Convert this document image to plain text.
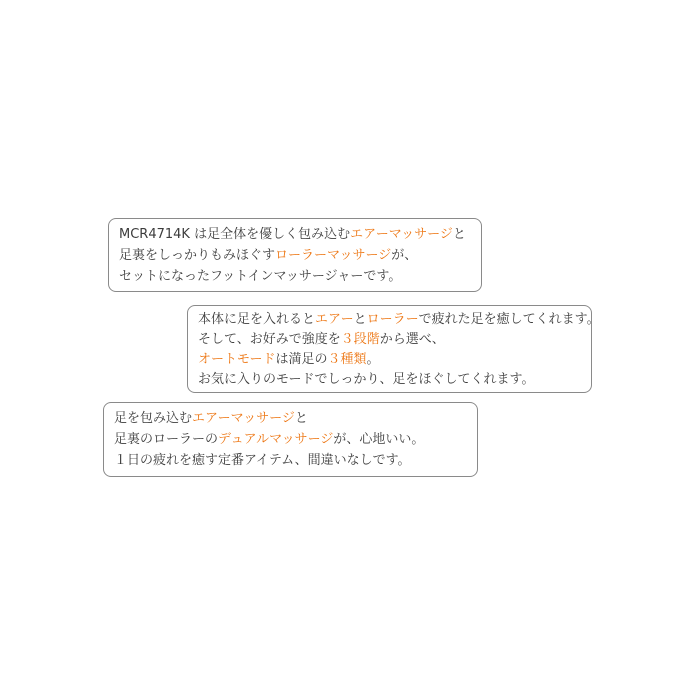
MCR4714K は足全体を優しく包み込むエアーマッサージと
足裏をしっかりもみほぐすローラーマッサージが、
セットになったフットインマッサージャーです。
本体に足を入れるとエアーとローラーで疲れた足を癒してくれます。
そして、お好みで強度を３段階から選べ、
オートモードは満足の３種類。
お気に入りのモードでしっかり、足をほぐしてくれます。
足を包み込むエアーマッサージと
足裏のローラーのデュアルマッサージが、心地いい。
１日の疲れを癒す定番アイテム、間違いなしです。
